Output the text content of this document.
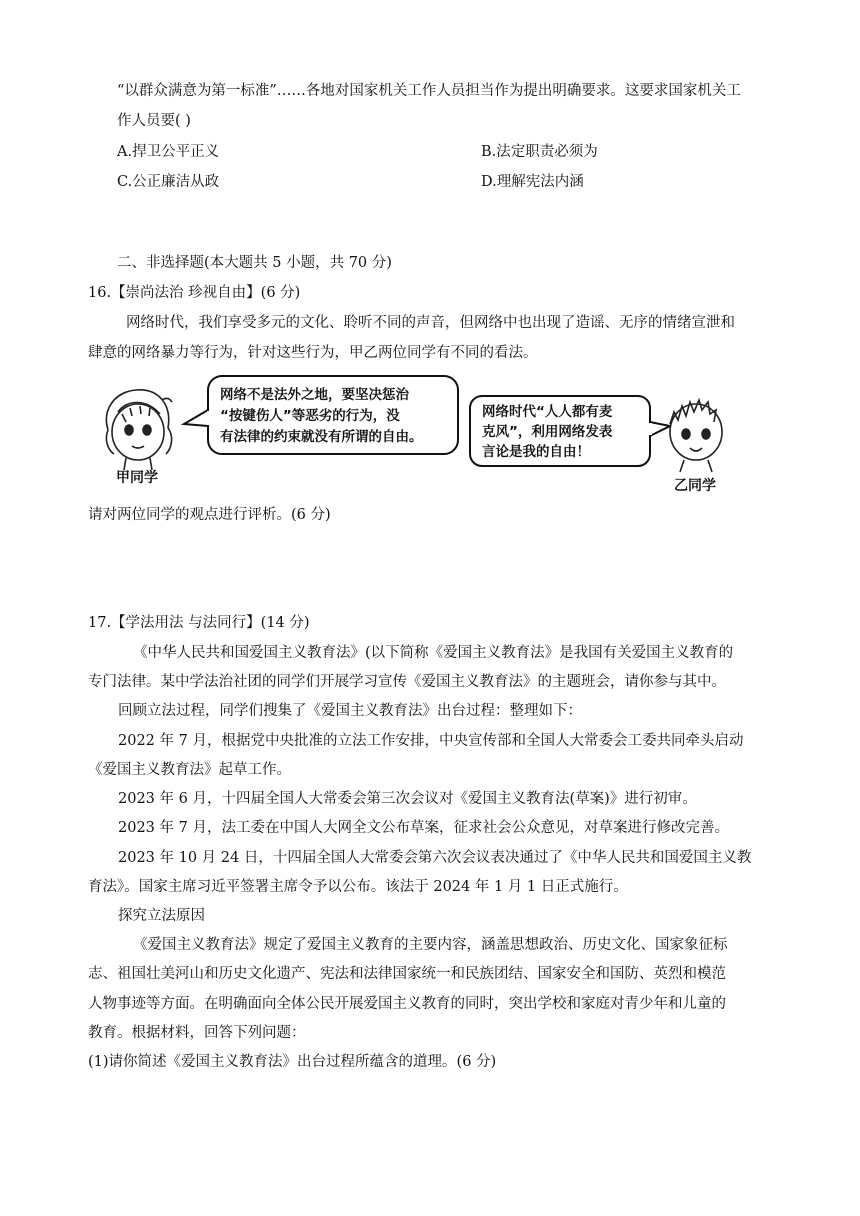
“以群众满意为第一标准”……各地对国家机关工作人员担当作为提出明确要求。这要求国家机关工
作人员要( )
A.捍卫公平正义	B.法定职责必须为
C.公正廉洁从政	D.理解宪法内涵
二、非选择题(本大题共 5 小题，共 70 分)
16.【崇尚法治 珍视自由】(6 分)
网络时代，我们享受多元的文化、聆听不同的声音，但网络中也出现了造谣、无序的情绪宣泄和
肆意的网络暴力等行为，针对这些行为，甲乙两位同学有不同的看法。
甲同学
网络不是法外之地，要坚决惩治
“按键伤人”等恶劣的行为，没
有法律的约束就没有所谓的自由。
网络时代“人人都有麦
克风”，利用网络发表
言论是我的自由！
乙同学
请对两位同学的观点进行评析。(6 分)
17.【学法用法 与法同行】(14 分)
《中华人民共和国爱国主义教育法》(以下简称《爱国主义教育法》是我国有关爱国主义教育的
专门法律。某中学法治社团的同学们开展学习宣传《爱国主义教育法》的主题班会，请你参与其中。
回顾立法过程，同学们搜集了《爱国主义教育法》出台过程：整理如下：
2022 年 7 月，根据党中央批准的立法工作安排，中央宣传部和全国人大常委会工委共同牵头启动
《爱国主义教育法》起草工作。
2023 年 6 月，十四届全国人大常委会第三次会议对《爱国主义教育法(草案)》进行初审。
2023 年 7 月，法工委在中国人大网全文公布草案，征求社会公众意见，对草案进行修改完善。
2023 年 10 月 24 日，十四届全国人大常委会第六次会议表决通过了《中华人民共和国爱国主义教
育法》。国家主席习近平签署主席令予以公布。该法于 2024 年 1 月 1 日正式施行。
探究立法原因
《爱国主义教育法》规定了爱国主义教育的主要内容，涵盖思想政治、历史文化、国家象征标
志、祖国壮美河山和历史文化遗产、宪法和法律国家统一和民族团结、国家安全和国防、英烈和模范
人物事迹等方面。在明确面向全体公民开展爱国主义教育的同时，突出学校和家庭对青少年和儿童的
教育。根据材料，回答下列问题：
(1)请你简述《爱国主义教育法》出台过程所蕴含的道理。(6 分)
